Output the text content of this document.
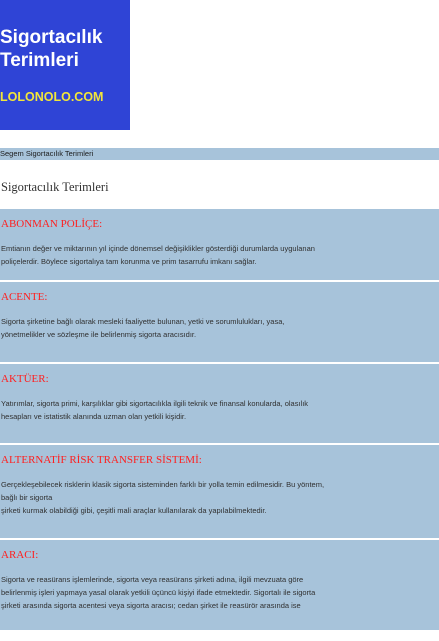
Sigortacılık
Terimleri
LOLONOLO.COM
Segem Sigortacılık Terimleri
Sigortacılık Terimleri
ABONMAN POLİÇE:
Emtianın değer ve miktarının yıl içinde dönemsel değişiklikler gösterdiği durumlarda uygulanan
poliçelerdir. Böylece sigortalıya tam korunma ve prim tasarrufu imkanı sağlar.
ACENTE:
Sigorta şirketine bağlı olarak mesleki faaliyette bulunan, yetki ve sorumlulukları, yasa,
yönetmelikler ve sözleşme ile belirlenmiş sigorta aracısıdır.
AKTÜER:
Yatırımlar, sigorta primi, karşılıklar gibi sigortacılıkla ilgili teknik ve finansal konularda, olasılık
hesapları ve istatistik alanında uzman olan yetkili kişidir.
ALTERNATİF RİSK TRANSFER SİSTEMİ:
Gerçekleşebilecek risklerin klasik sigorta sisteminden farklı bir yolla temin edilmesidir. Bu yöntem,
bağlı bir sigorta
şirketi kurmak olabildiği gibi, çeşitli mali araçlar kullanılarak da yapılabilmektedir.
ARACI:
Sigorta ve reasürans işlemlerinde, sigorta veya reasürans şirketi adına, ilgili mevzuata göre
belirlenmiş işleri yapmaya yasal olarak yetkili üçüncü kişiyi ifade etmektedir. Sigortalı ile sigorta
şirketi arasında sigorta acentesi veya sigorta aracısı; cedan şirket ile reasürör arasında ise
